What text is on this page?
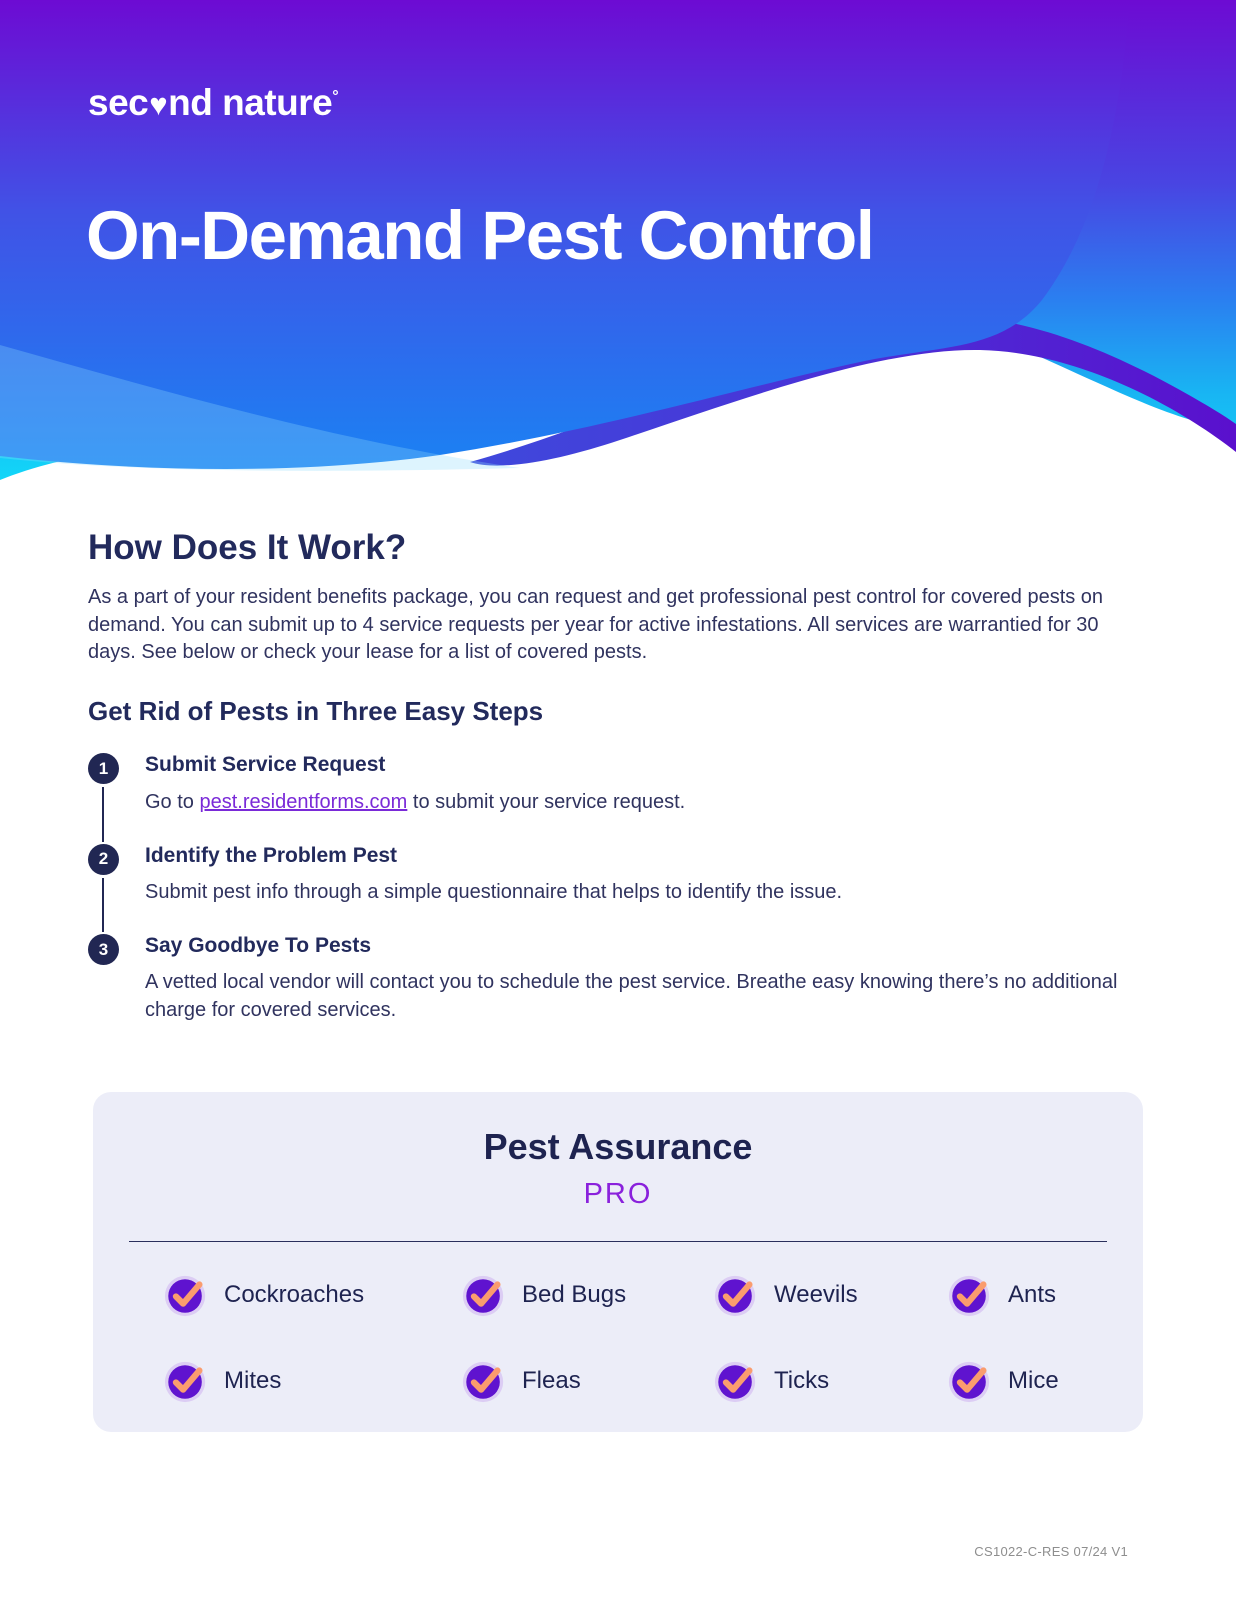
sec♥nd nature°
On-Demand Pest Control
How Does It Work?

As a part of your resident benefits package, you can request and get professional pest control for covered pests on demand. You can submit up to 4 service requests per year for active infestations. All services are warrantied for 30 days. See below or check your lease for a list of covered pests.

Get Rid of Pests in Three Easy Steps
1	Submit Service Request

Go to pest.residentforms.com to submit your service request.

2	Identify the Problem Pest

Submit pest info through a simple questionnaire that helps to identify the issue.

3	Say Goodbye To Pests

A vetted local vendor will contact you to schedule the pest service. Breathe easy knowing there’s no additional charge for covered services.

Pest Assurance
PRO
Cockroaches	Bed Bugs	Weevils	Ants
Mites	Fleas	Ticks	Mice
CS1022-C-RES 07/24 V1
